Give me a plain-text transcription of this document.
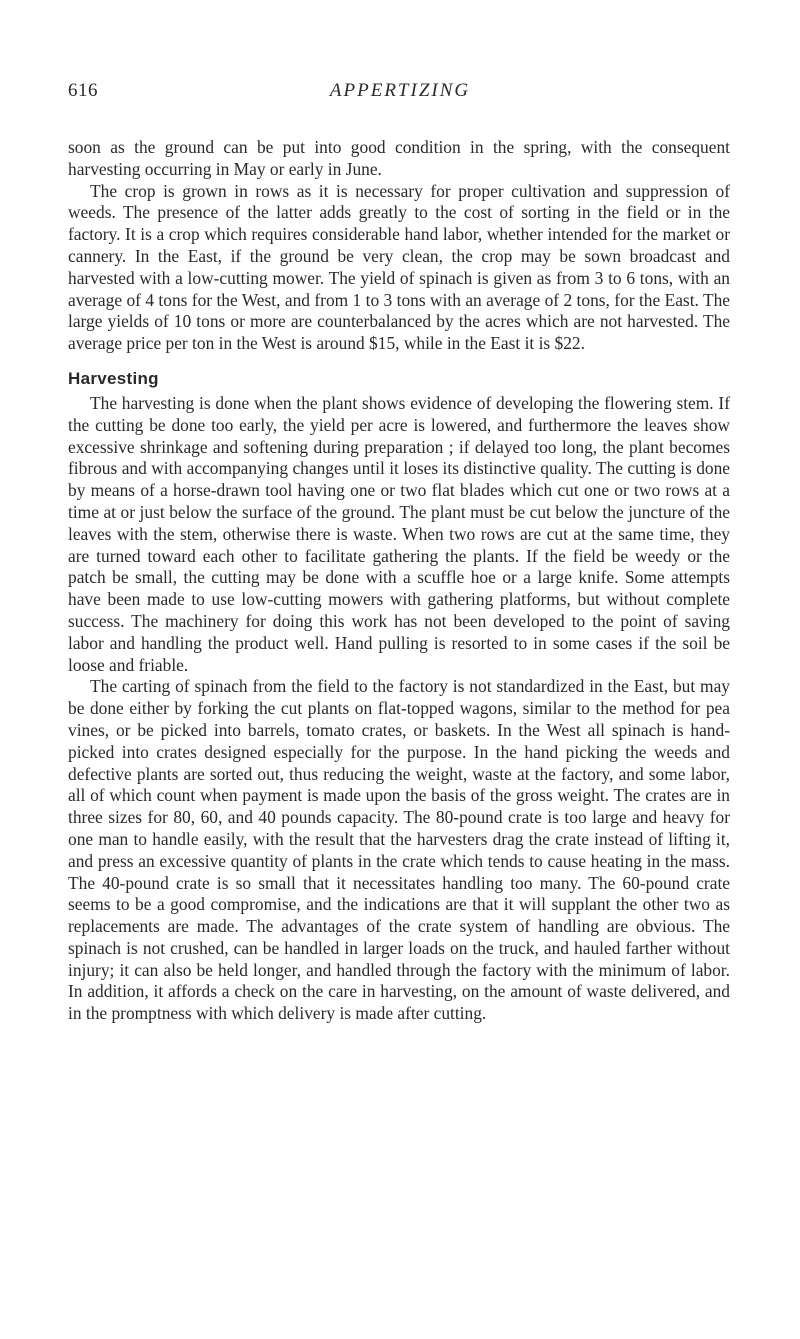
616	APPERTIZING

soon as the ground can be put into good condition in the spring, with the consequent harvesting occurring in May or early in June.

The crop is grown in rows as it is necessary for proper cultivation and suppression of weeds. The presence of the latter adds greatly to the cost of sorting in the field or in the factory. It is a crop which requires considerable hand labor, whether intended for the market or cannery. In the East, if the ground be very clean, the crop may be sown broadcast and harvested with a low-cutting mower. The yield of spinach is given as from 3 to 6 tons, with an average of 4 tons for the West, and from 1 to 3 tons with an average of 2 tons, for the East. The large yields of 10 tons or more are counterbalanced by the acres which are not harvested. The average price per ton in the West is around $15, while in the East it is $22.

Harvesting

The harvesting is done when the plant shows evidence of developing the flowering stem. If the cutting be done too early, the yield per acre is lowered, and furthermore the leaves show excessive shrinkage and softening during preparation ; if delayed too long, the plant becomes fibrous and with accompanying changes until it loses its distinctive quality. The cutting is done by means of a horse-drawn tool having one or two flat blades which cut one or two rows at a time at or just below the surface of the ground. The plant must be cut below the juncture of the leaves with the stem, otherwise there is waste. When two rows are cut at the same time, they are turned toward each other to facilitate gathering the plants. If the field be weedy or the patch be small, the cutting may be done with a scuffle hoe or a large knife. Some attempts have been made to use low-cutting mowers with gathering platforms, but without complete success. The machinery for doing this work has not been developed to the point of saving labor and handling the product well. Hand pulling is resorted to in some cases if the soil be loose and friable.

The carting of spinach from the field to the factory is not standardized in the East, but may be done either by forking the cut plants on flat-topped wagons, similar to the method for pea vines, or be picked into barrels, tomato crates, or baskets. In the West all spinach is hand-picked into crates designed especially for the purpose. In the hand picking the weeds and defective plants are sorted out, thus reducing the weight, waste at the factory, and some labor, all of which count when payment is made upon the basis of the gross weight. The crates are in three sizes for 80, 60, and 40 pounds capacity. The 80-pound crate is too large and heavy for one man to handle easily, with the result that the harvesters drag the crate instead of lifting it, and press an excessive quantity of plants in the crate which tends to cause heating in the mass. The 40-pound crate is so small that it necessitates handling too many. The 60-pound crate seems to be a good compromise, and the indications are that it will supplant the other two as replacements are made. The advantages of the crate system of handling are obvious. The spinach is not crushed, can be handled in larger loads on the truck, and hauled farther without injury; it can also be held longer, and handled through the factory with the minimum of labor. In addition, it affords a check on the care in harvesting, on the amount of waste delivered, and in the promptness with which delivery is made after cutting.
